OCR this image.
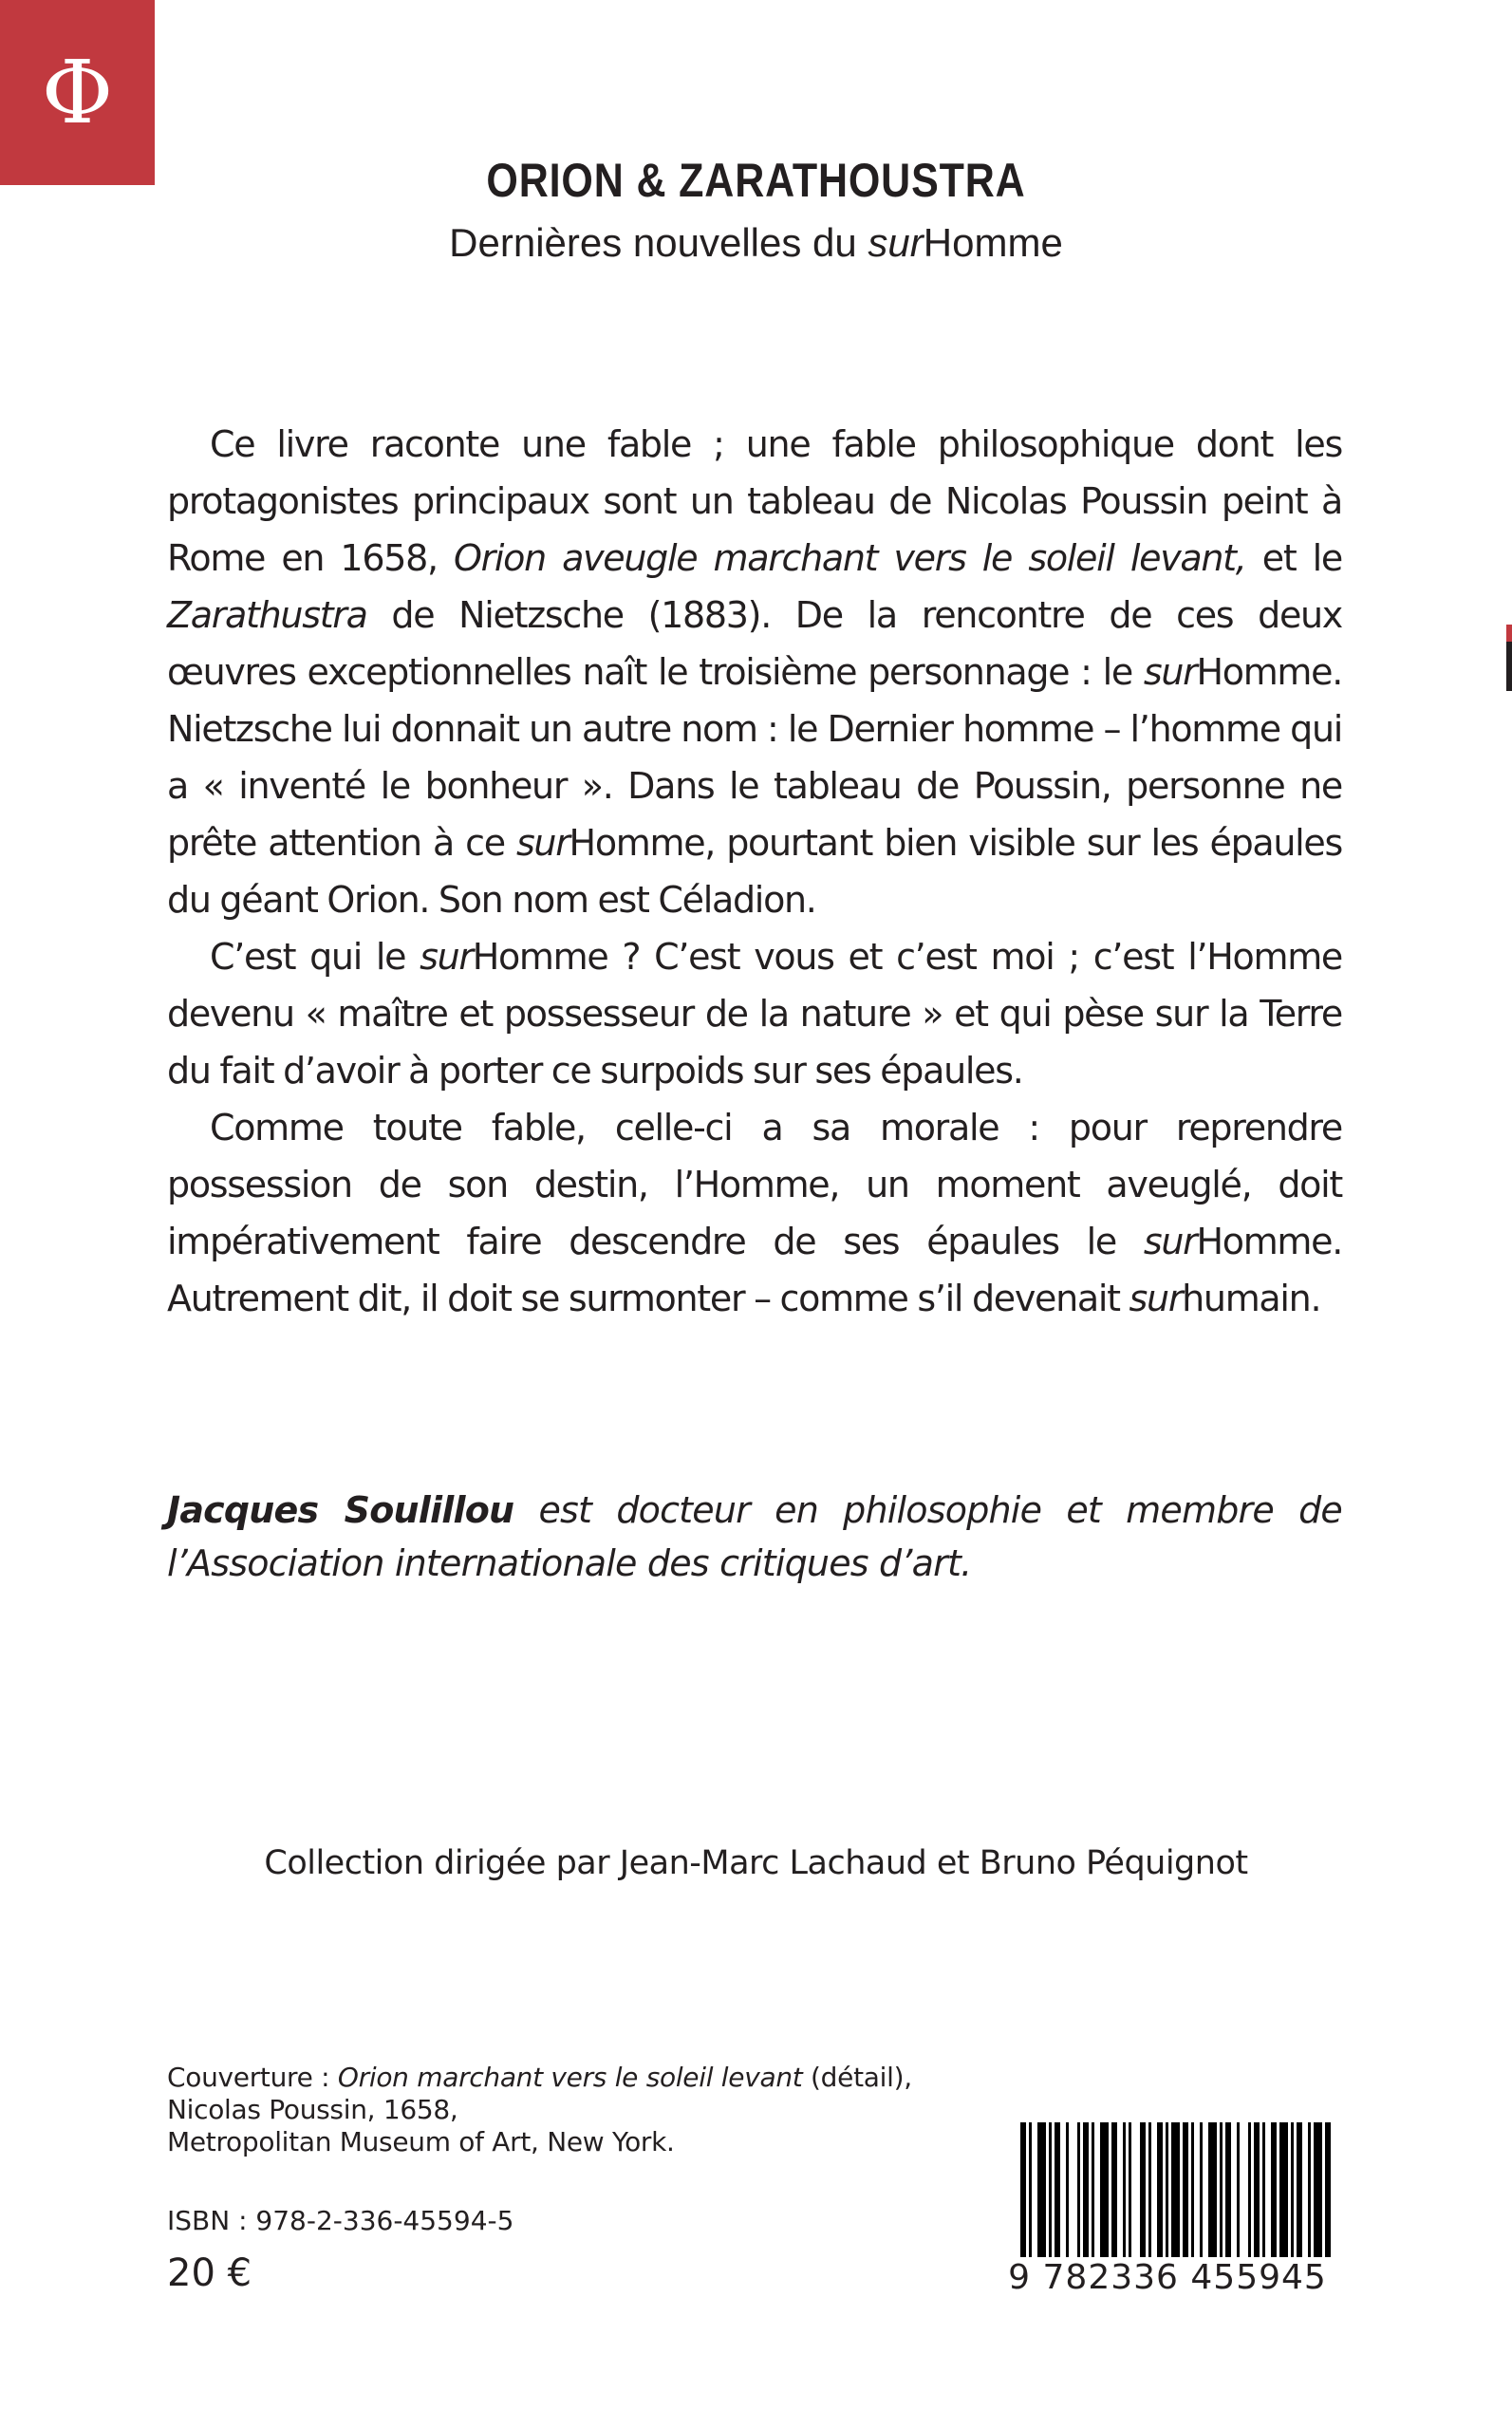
Φ
ORION & ZARATHOUSTRA
Dernières nouvelles du surHomme

Ce livre raconte une fable ; une fable philosophique dont les protagonistes principaux sont un tableau de Nicolas Poussin peint à Rome en 1658, Orion aveugle marchant vers le soleil levant, et le Zarathustra de Nietzsche (1883). De la rencontre de ces deux œuvres exceptionnelles naît le troisième personnage : le surHomme. Nietzsche lui donnait un autre nom : le Dernier homme – l’homme qui a « inventé le bonheur ». Dans le tableau de Poussin, personne ne prête attention à ce surHomme, pourtant bien visible sur les épaules du géant Orion. Son nom est Céladion.

C’est qui le surHomme ? C’est vous et c’est moi ; c’est l’Homme devenu « maître et possesseur de la nature » et qui pèse sur la Terre du fait d’avoir à porter ce surpoids sur ses épaules.

Comme toute fable, celle-ci a sa morale : pour reprendre possession de son destin, l’Homme, un moment aveuglé, doit impérativement faire descendre de ses épaules le surHomme. Autrement dit, il doit se surmonter – comme s’il devenait surhumain.

Jacques Soulillou est docteur en philosophie et membre de l’Association internationale des critiques d’art.
Collection dirigée par Jean-Marc Lachaud et Bruno Péquignot
Couverture : Orion marchant vers le soleil levant (détail),
Nicolas Poussin, 1658,
Metropolitan Museum of Art, New York.
ISBN : 978-2-336-45594-5
20 €	9 782336 455945
